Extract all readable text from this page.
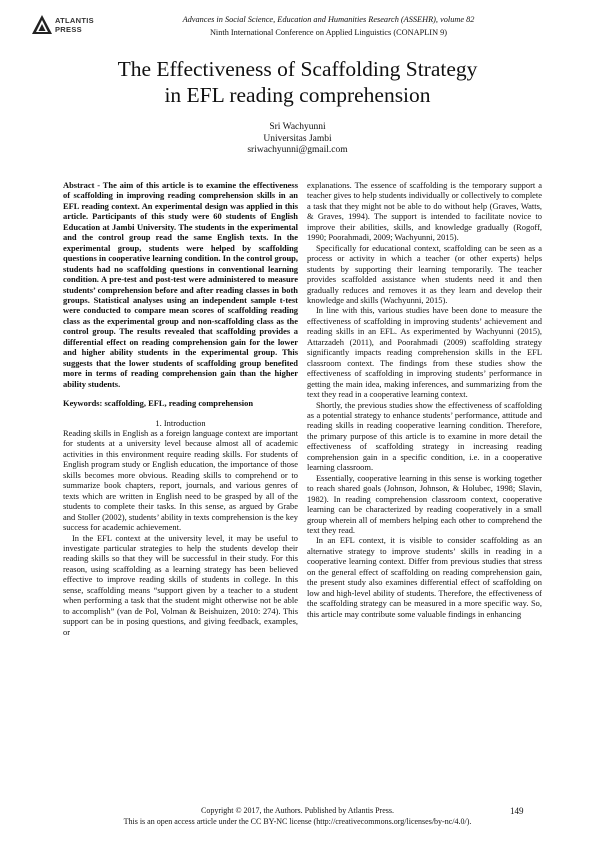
ATLANTIS
PRESS
Advances in Social Science, Education and Humanities Research (ASSEHR), volume 82
Ninth International Conference on Applied Linguistics (CONAPLIN 9)
The Effectiveness of Scaffolding Strategy
in EFL reading comprehension
Sri Wachyunni
Universitas Jambi
sriwachyunni@gmail.com

Abstract - The aim of this article is to examine the effectiveness of scaffolding in improving reading comprehension skills in an EFL reading context. An experimental design was applied in this article. Participants of this study were 60 students of English Education at Jambi University. The students in the experimental and the control group read the same English texts. In the experimental group, students were helped by scaffolding questions in cooperative learning condition. In the control group, students had no scaffolding questions in conventional learning condition. A pre-test and post-test were administered to measure students’ comprehension before and after reading classes in both groups. Statistical analyses using an independent sample t-test were conducted to compare mean scores of scaffolding reading class as the experimental group and non-scaffolding class as the control group. The results revealed that scaffolding provides a differential effect on reading comprehension gain for the lower and higher ability students in the experimental group. This suggests that the lower students of scaffolding group benefited more in terms of reading comprehension gain than the higher ability students.

Keywords: scaffolding, EFL, reading comprehension

1. Introduction

Reading skills in English as a foreign language context are important for students at a university level because almost all of academic activities in this environment require reading skills. For students of English program study or English education, the importance of those skills becomes more obvious. Reading skills to comprehend or to summarize book chapters, report, journals, and various genres of texts which are written in English need to be grasped by all of the students to complete their tasks. In this sense, as argued by Grabe and Stoller (2002), students’ ability in texts comprehension is the key success for academic achievement.

In the EFL context at the university level, it may be useful to investigate particular strategies to help the students develop their reading skills so that they will be successful in their study. For this reason, using scaffolding as a learning strategy has been believed effective to improve reading skills of students in college. In this sense, scaffolding means “support given by a teacher to a student when performing a task that the student might otherwise not be able to accomplish” (van de Pol, Volman & Beishuizen, 2010: 274). This support can be in posing questions, and giving feedback, examples, or

explanations. The essence of scaffolding is the temporary support a teacher gives to help students individually or collectively to complete a task that they might not be able to do without help (Graves, Watts, & Graves, 1994). The support is intended to facilitate novice to improve their abilities, skills, and knowledge gradually (Rogoff, 1990; Poorahmadi, 2009; Wachyunni, 2015).

Specifically for educational context, scaffolding can be seen as a process or activity in which a teacher (or other experts) helps students by supporting their learning temporarily. The teacher provides scaffolded assistance when students need it and then gradually reduces and removes it as they learn and develop their knowledge and skills (Wachyunni, 2015).

In line with this, various studies have been done to measure the effectiveness of scaffolding in improving students’ achievement and reading skills in an EFL. As experimented by Wachyunni (2015), Attarzadeh (2011), and Poorahmadi (2009) scaffolding strategy significantly impacts reading comprehension skills in the EFL classroom context. The findings from these studies show the effectiveness of scaffolding in improving students’ performance in getting the main idea, making inferences, and summarizing from the text they read in a cooperative learning context.

Shortly, the previous studies show the effectiveness of scaffolding as a potential strategy to enhance students’ performance, attitude and reading skills in reading cooperative learning condition. Therefore, the primary purpose of this article is to examine in more detail the effectiveness of scaffolding strategy in increasing reading comprehension gain in a specific condition, i.e. in a cooperative learning classroom.

Essentially, cooperative learning in this sense is working together to reach shared goals (Johnson, Johnson, & Holubec, 1998; Slavin, 1982). In reading comprehension classroom context, cooperative learning can be characterized by reading cooperatively in a small group wherein all of members helping each other to comprehend the text they read.

In an EFL context, it is visible to consider scaffolding as an alternative strategy to improve students’ skills in reading in a cooperative learning context. Differ from previous studies that stress on the general effect of scaffolding on reading comprehension gain, the present study also examines differential effect of scaffolding on low and high-level ability of students. Therefore, the effectiveness of the scaffolding strategy can be measured in a more specific way. So, this article may contribute some valuable findings in enhancing

Copyright © 2017, the Authors. Published by Atlantis Press.
This is an open access article under the CC BY-NC license (http://creativecommons.org/licenses/by-nc/4.0/).
149
